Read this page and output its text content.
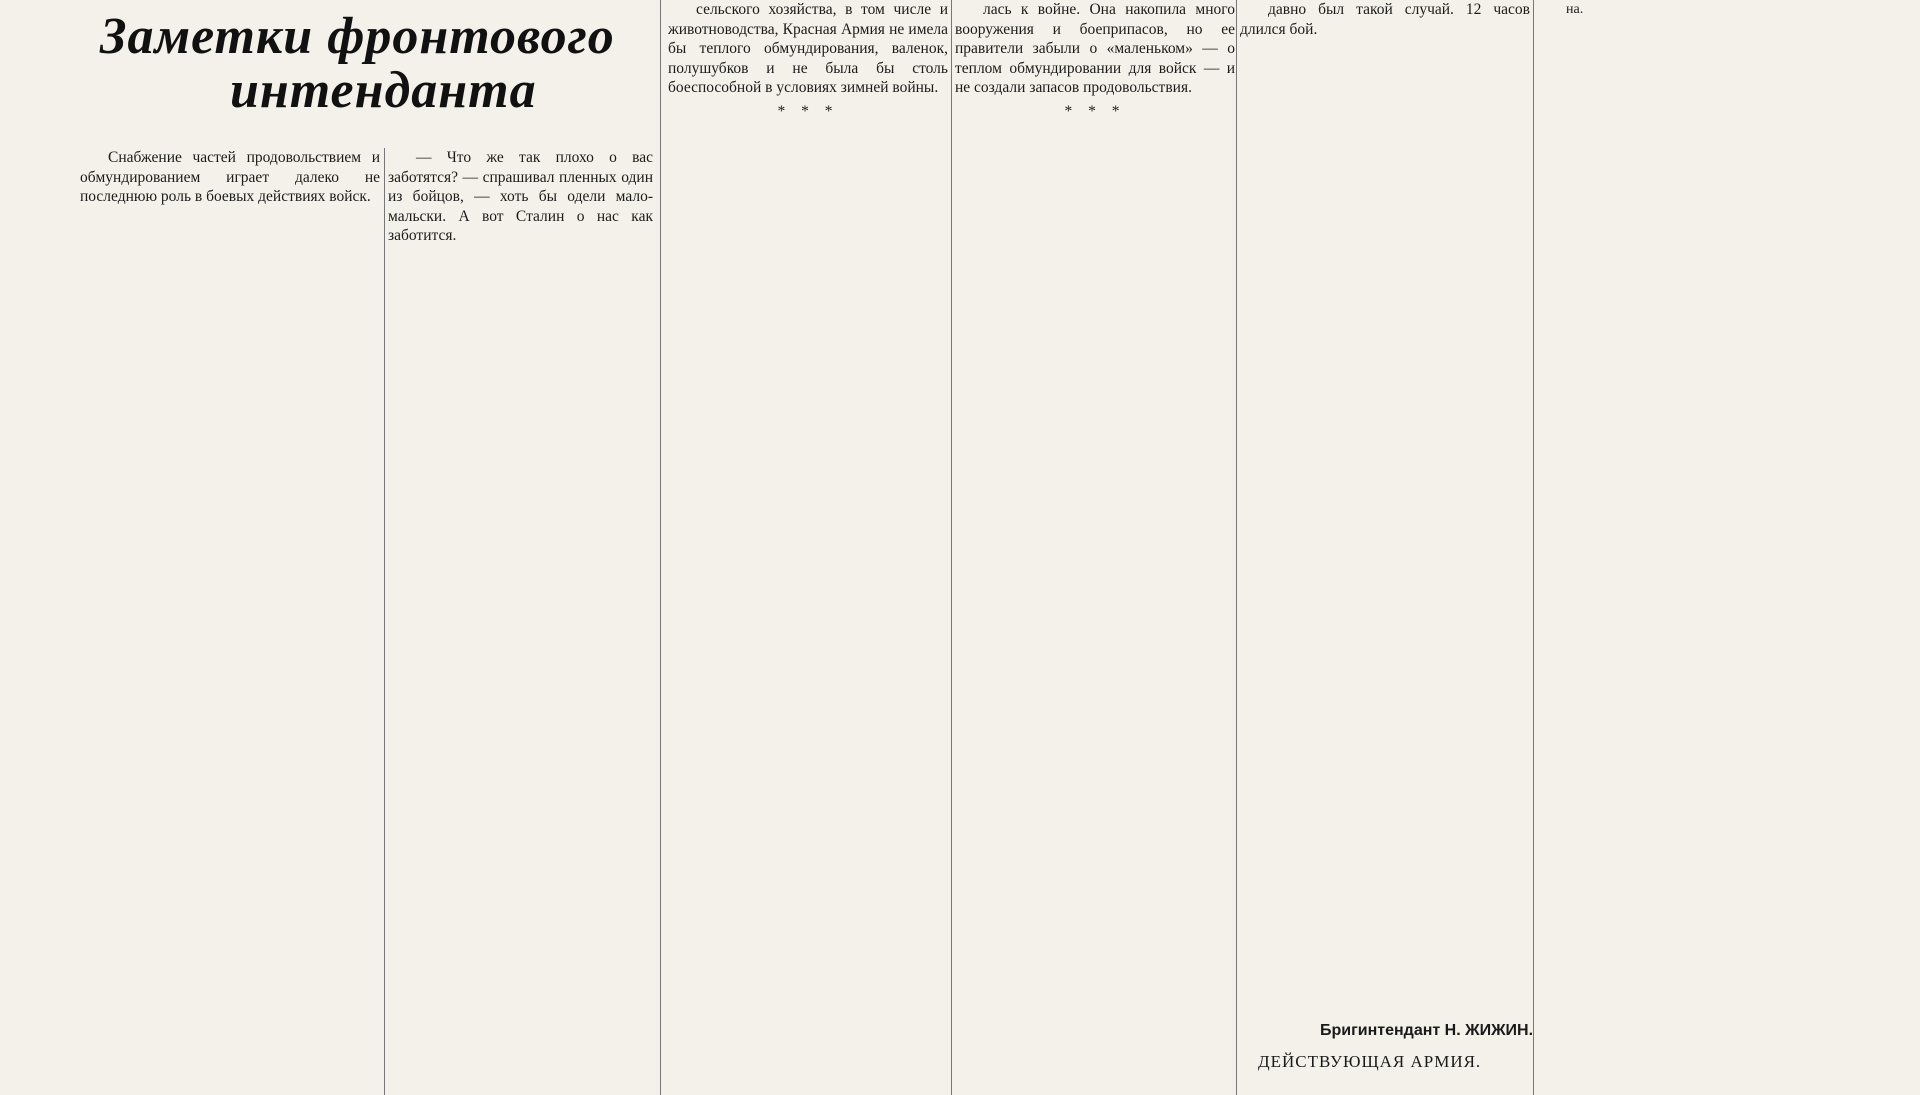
Заметки фронтового
интенданта

Снабжение частей продовольствием и обмундированием играет далеко не последнюю роль в боевых действиях войск.

— Что же так плохо о вас заботятся? — спрашивал пленных один из бойцов, — хоть бы одели мало-мальски. А вот Сталин о нас как заботится.

сельского хозяйства, в том числе и животноводства, Красная Армия не имела бы теплого обмундирования, валенок, полушубков и не была бы столь боеспособной в условиях зимней войны.

* * *

лась к войне. Она накопила много вооружения и боеприпасов, но ее правители забыли о «маленьком» — о теплом обмундировании для войск — и не создали запасов продовольствия.

* * *

давно был такой случай. 12 часов длился бой.

на.

Бригинтендант Н. ЖИЖИН.
ДЕЙСТВУЮЩАЯ АРМИЯ.
